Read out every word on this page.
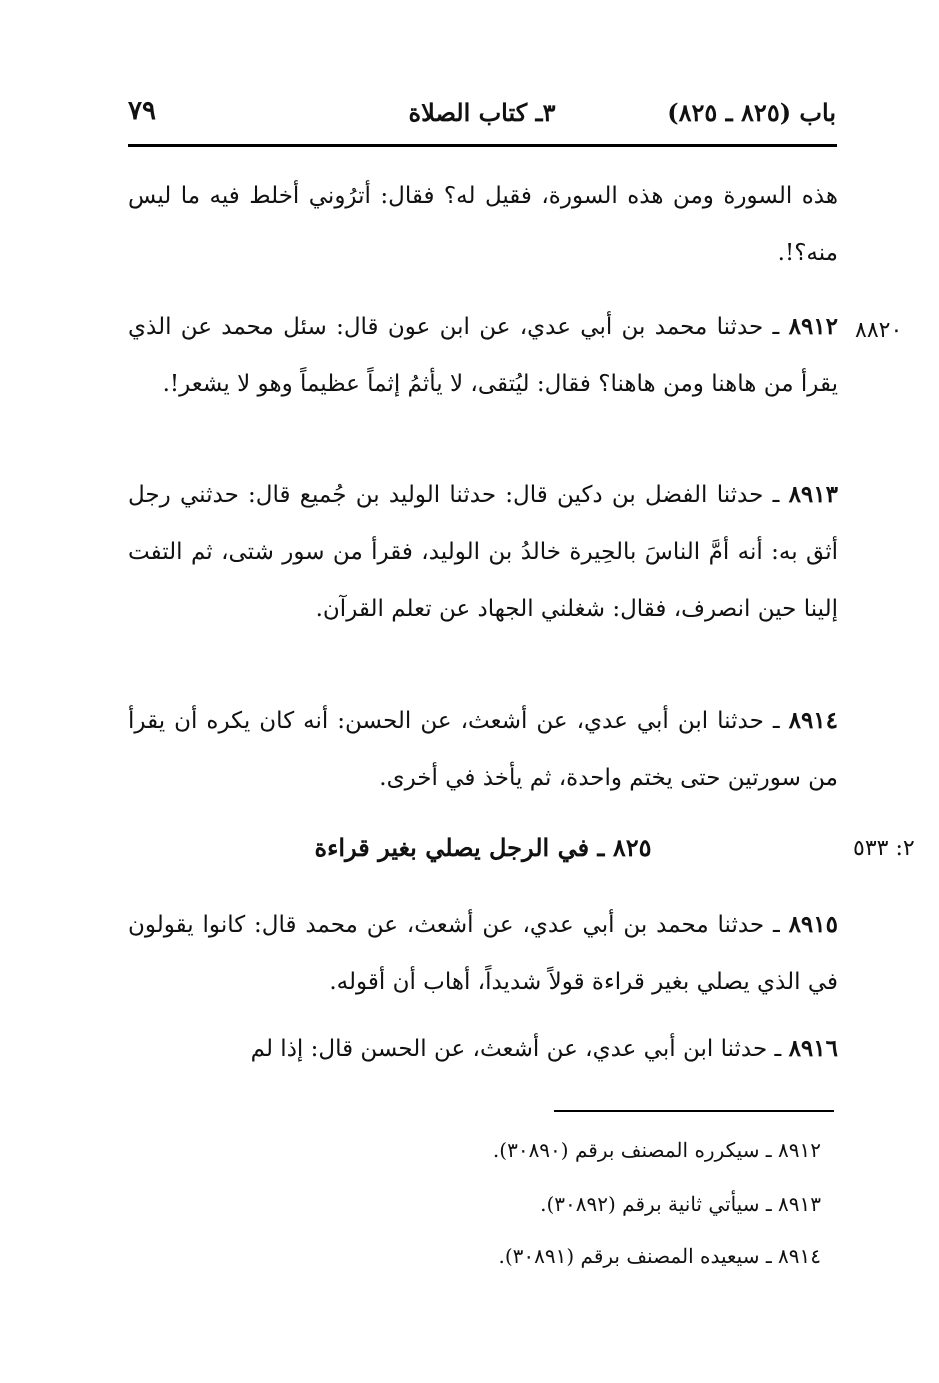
باب (٨٢٥ ـ ٨٢٥)
٣ـ كتاب الصلاة
٧٩
هذه السورة ومن هذه السورة، فقيل له؟ فقال: أترُوني أخلط فيه ما ليس منه؟!.
٨٨٢٠
٨٩١٢ ـ حدثنا محمد بن أبي عدي، عن ابن عون قال: سئل محمد عن الذي يقرأ من هاهنا ومن هاهنا؟ فقال: ليُتقى، لا يأثمُ إثماً عظيماً وهو لا يشعر!.
٨٩١٣ ـ حدثنا الفضل بن دكين قال: حدثنا الوليد بن جُميع قال: حدثني رجل أثق به: أنه أمَّ الناسَ بالحِيرة خالدُ بن الوليد، فقرأ من سور شتى، ثم التفت إلينا حين انصرف، فقال: شغلني الجهاد عن تعلم القرآن.
٨٩١٤ ـ حدثنا ابن أبي عدي، عن أشعث، عن الحسن: أنه كان يكره أن يقرأ من سورتين حتى يختم واحدة، ثم يأخذ في أخرى.
٢: ٥٣٣
٨٢٥ ـ في الرجل يصلي بغير قراءة
٨٩١٥ ـ حدثنا محمد بن أبي عدي، عن أشعث، عن محمد قال: كانوا يقولون في الذي يصلي بغير قراءة قولاً شديداً، أهاب أن أقوله.
٨٩١٦ ـ حدثنا ابن أبي عدي، عن أشعث، عن الحسن قال: إذا لم
٨٩١٢ ـ سيكرره المصنف برقم (٣٠٨٩٠).
٨٩١٣ ـ سيأتي ثانية برقم (٣٠٨٩٢).
٨٩١٤ ـ سيعيده المصنف برقم (٣٠٨٩١).
